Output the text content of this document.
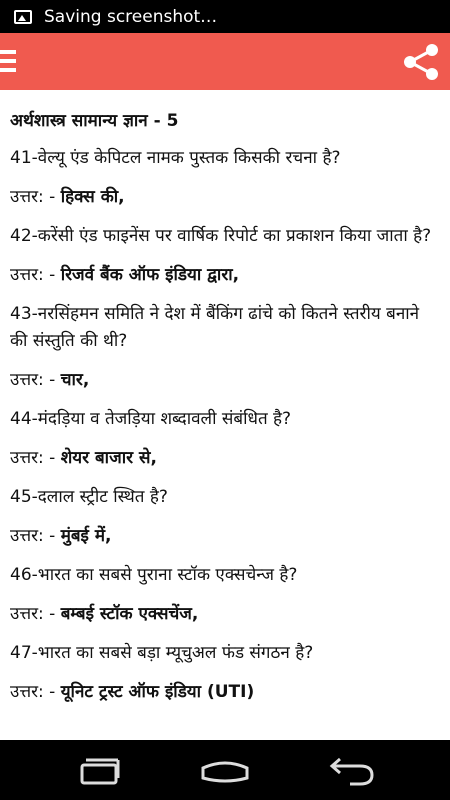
Saving screenshot…
अर्थशास्त्र सामान्य ज्ञान - 5
41-वेल्यू एंड केपिटल नामक पुस्तक किसकी रचना है?
उत्तर: - हिक्स की,
42-करेंसी एंड फाइनेंस पर वार्षिक रिपोर्ट का प्रकाशन किया जाता है?
उत्तर: - रिजर्व बैंक ऑफ इंडिया द्वारा,
43-नरसिंहमन समिति ने देश में बैंकिंग ढांचे को कितने स्तरीय बनाने की संस्तुति की थी?
उत्तर: - चार,
44-मंदड़िया व तेजड़िया शब्दावली संबंधित है?
उत्तर: - शेयर बाजार से,
45-दलाल स्ट्रीट स्थित है?
उत्तर: - मुंबई में,
46-भारत का सबसे पुराना स्टॉक एक्सचेन्ज है?
उत्तर: - बम्बई स्टॉक एक्सचेंज,
47-भारत का सबसे बड़ा म्यूचुअल फंड संगठन है?
उत्तर: - यूनिट ट्रस्ट ऑफ इंडिया (UTI)
